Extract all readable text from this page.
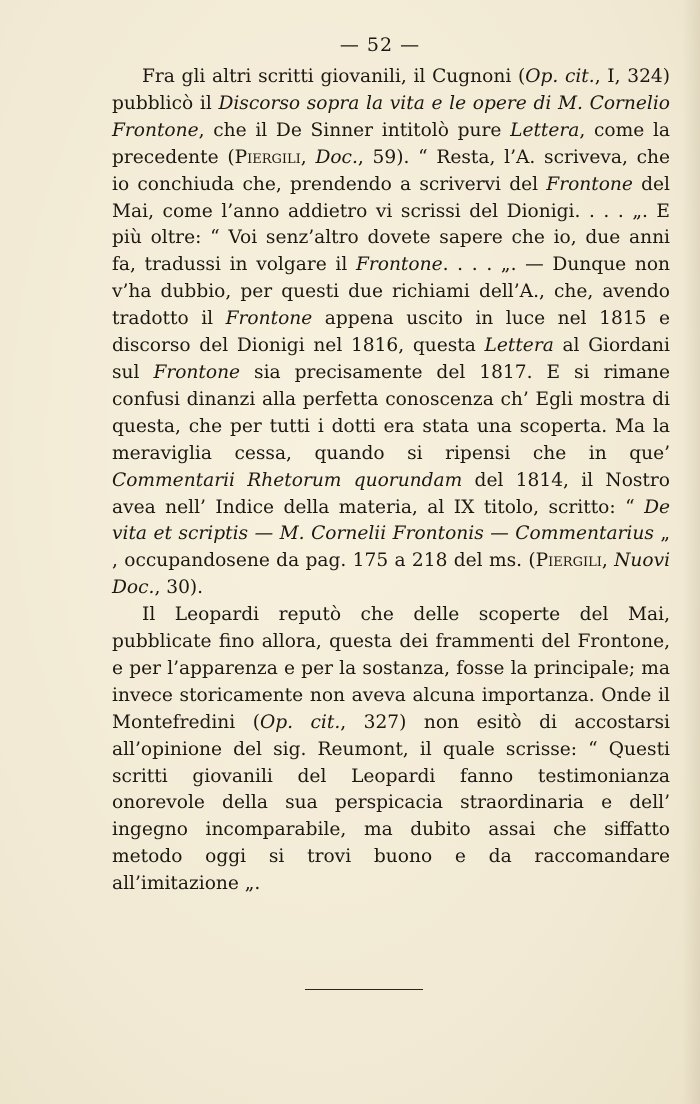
— 52 —

Fra gli altri scritti giovanili, il Cugnoni (Op. cit., I, 324) pubblicò il Discorso sopra la vita e le opere di M. Cornelio Frontone, che il De Sinner intitolò pure Lettera, come la precedente (Piergili, Doc., 59). “ Resta, l’A. scriveva, che io conchiuda che, prendendo a scrivervi del Frontone del Mai, come l’anno addietro vi scrissi del Dionigi. . . . „. E più oltre: “ Voi senz’altro dovete sapere che io, due anni fa, tradussi in volgare il Frontone. . . . „. — Dunque non v’ha dubbio, per questi due richiami dell’A., che, avendo tradotto il Frontone appena uscito in luce nel 1815 e discorso del Dionigi nel 1816, questa Lettera al Giordani sul Frontone sia precisamente del 1817. E si rimane confusi dinanzi alla perfetta conoscenza ch’ Egli mostra di questa, che per tutti i dotti era stata una scoperta. Ma la meraviglia cessa, quando si ripensi che in que’ Commentarii Rhetorum quorundam del 1814, il Nostro avea nell’ Indice della materia, al IX titolo, scritto: “ De vita et scriptis — M. Cornelii Frontonis — Commentarius „ , occupandosene da pag. 175 a 218 del ms. (Piergili, Nuovi Doc., 30).

Il Leopardi reputò che delle scoperte del Mai, pubblicate fino allora, questa dei frammenti del Frontone, e per l’apparenza e per la sostanza, fosse la principale; ma invece storicamente non aveva alcuna importanza. Onde il Montefredini (Op. cit., 327) non esitò di accostarsi all’opinione del sig. Reumont, il quale scrisse: “ Questi scritti giovanili del Leopardi fanno testimonianza onorevole della sua perspicacia straordinaria e dell’ ingegno incomparabile, ma dubito assai che siffatto metodo oggi si trovi buono e da raccomandare all’imitazione „.
